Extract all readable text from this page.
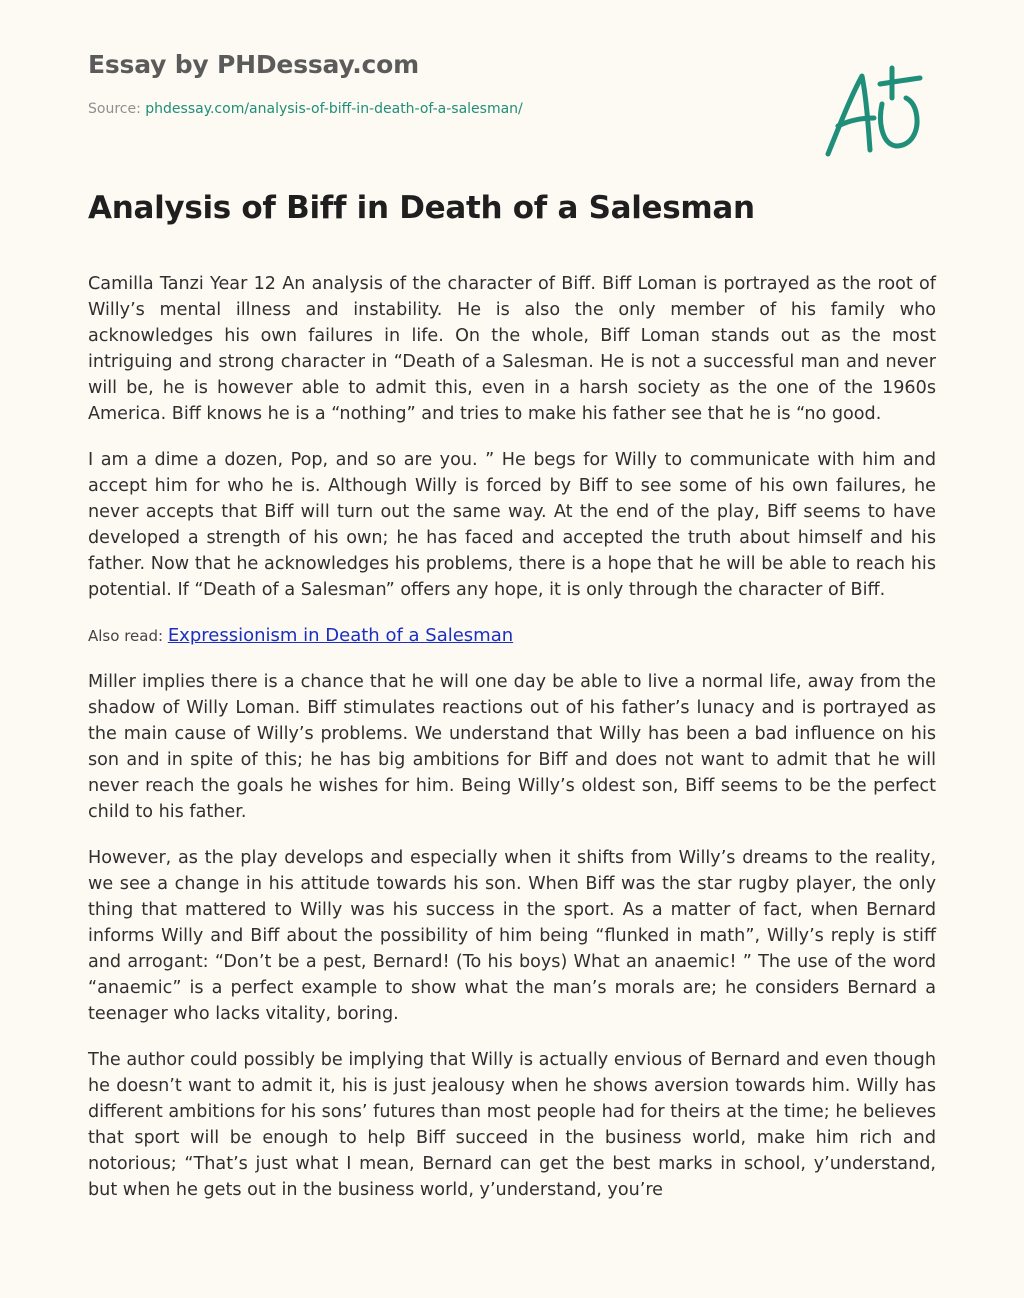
Essay by PHDessay.com
Source: phdessay.com/analysis-of-biff-in-death-of-a-salesman/
Analysis of Biff in Death of a Salesman

Camilla Tanzi Year 12 An analysis of the character of Biff. Biff Loman is portrayed as the root of Willy’s mental illness and instability. He is also the only member of his family who acknowledges his own failures in life. On the whole, Biff Loman stands out as the most intriguing and strong character in “Death of a Salesman. He is not a successful man and never will be, he is however able to admit this, even in a harsh society as the one of the 1960s America. Biff knows he is a “nothing” and tries to make his father see that he is “no good.

I am a dime a dozen, Pop, and so are you. ” He begs for Willy to communicate with him and accept him for who he is. Although Willy is forced by Biff to see some of his own failures, he never accepts that Biff will turn out the same way. At the end of the play, Biff seems to have developed a strength of his own; he has faced and accepted the truth about himself and his father. Now that he acknowledges his problems, there is a hope that he will be able to reach his potential. If “Death of a Salesman” offers any hope, it is only through the character of Biff.

Also read: Expressionism in Death of a Salesman

Miller implies there is a chance that he will one day be able to live a normal life, away from the shadow of Willy Loman. Biff stimulates reactions out of his father’s lunacy and is portrayed as the main cause of Willy’s problems. We understand that Willy has been a bad influence on his son and in spite of this; he has big ambitions for Biff and does not want to admit that he will never reach the goals he wishes for him. Being Willy’s oldest son, Biff seems to be the perfect child to his father.

However, as the play develops and especially when it shifts from Willy’s dreams to the reality, we see a change in his attitude towards his son. When Biff was the star rugby player, the only thing that mattered to Willy was his success in the sport. As a matter of fact, when Bernard informs Willy and Biff about the possibility of him being “flunked in math”, Willy’s reply is stiff and arrogant: “Don’t be a pest, Bernard! (To his boys) What an anaemic! ” The use of the word “anaemic” is a perfect example to show what the man’s morals are; he considers Bernard a teenager who lacks vitality, boring.

The author could possibly be implying that Willy is actually envious of Bernard and even though he doesn’t want to admit it, his is just jealousy when he shows aversion towards him. Willy has different ambitions for his sons’ futures than most people had for theirs at the time; he believes that sport will be enough to help Biff succeed in the business world, make him rich and notorious; “That’s just what I mean, Bernard can get the best marks in school, y’understand, but when he gets out in the business world, y’understand, you’re
